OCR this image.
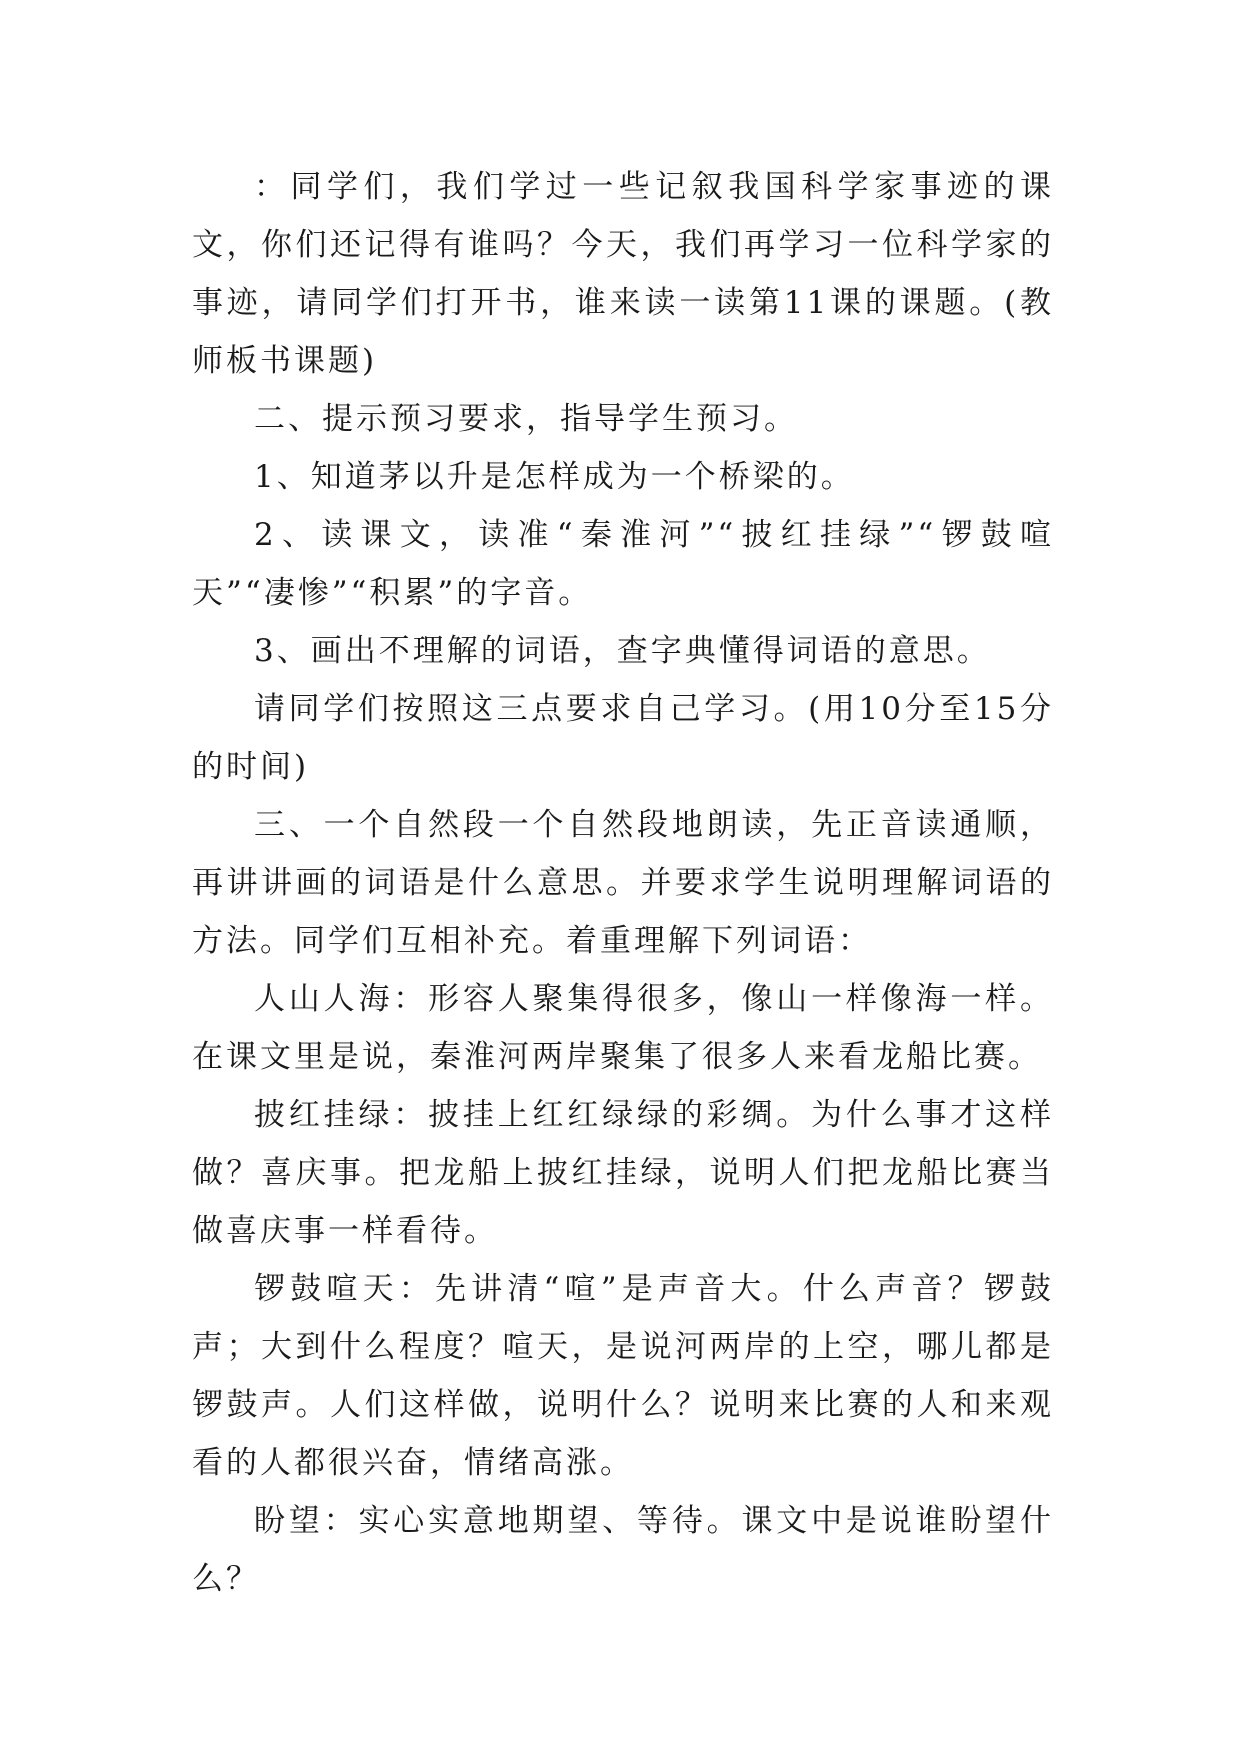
：同学们，我们学过一些记叙我国科学家事迹的课文，你们还记得有谁吗？今天，我们再学习一位科学家的事迹，请同学们打开书，谁来读一读第11课的课题。(教师板书课题)

二、提示预习要求，指导学生预习。

1、知道茅以升是怎样成为一个桥梁的。

2、读课文，读准“秦淮河”“披红挂绿”“锣鼓喧天”“凄惨”“积累”的字音。

3、画出不理解的词语，查字典懂得词语的意思。

请同学们按照这三点要求自己学习。(用10分至15分的时间)

三、一个自然段一个自然段地朗读，先正音读通顺，再讲讲画的词语是什么意思。并要求学生说明理解词语的方法。同学们互相补充。着重理解下列词语：

人山人海：形容人聚集得很多，像山一样像海一样。在课文里是说，秦淮河两岸聚集了很多人来看龙船比赛。

披红挂绿：披挂上红红绿绿的彩绸。为什么事才这样做？喜庆事。把龙船上披红挂绿，说明人们把龙船比赛当做喜庆事一样看待。

锣鼓喧天：先讲清“喧”是声音大。什么声音？锣鼓声；大到什么程度？喧天，是说河两岸的上空，哪儿都是锣鼓声。人们这样做，说明什么？说明来比赛的人和来观看的人都很兴奋，情绪高涨。

盼望：实心实意地期望、等待。课文中是说谁盼望什么？
